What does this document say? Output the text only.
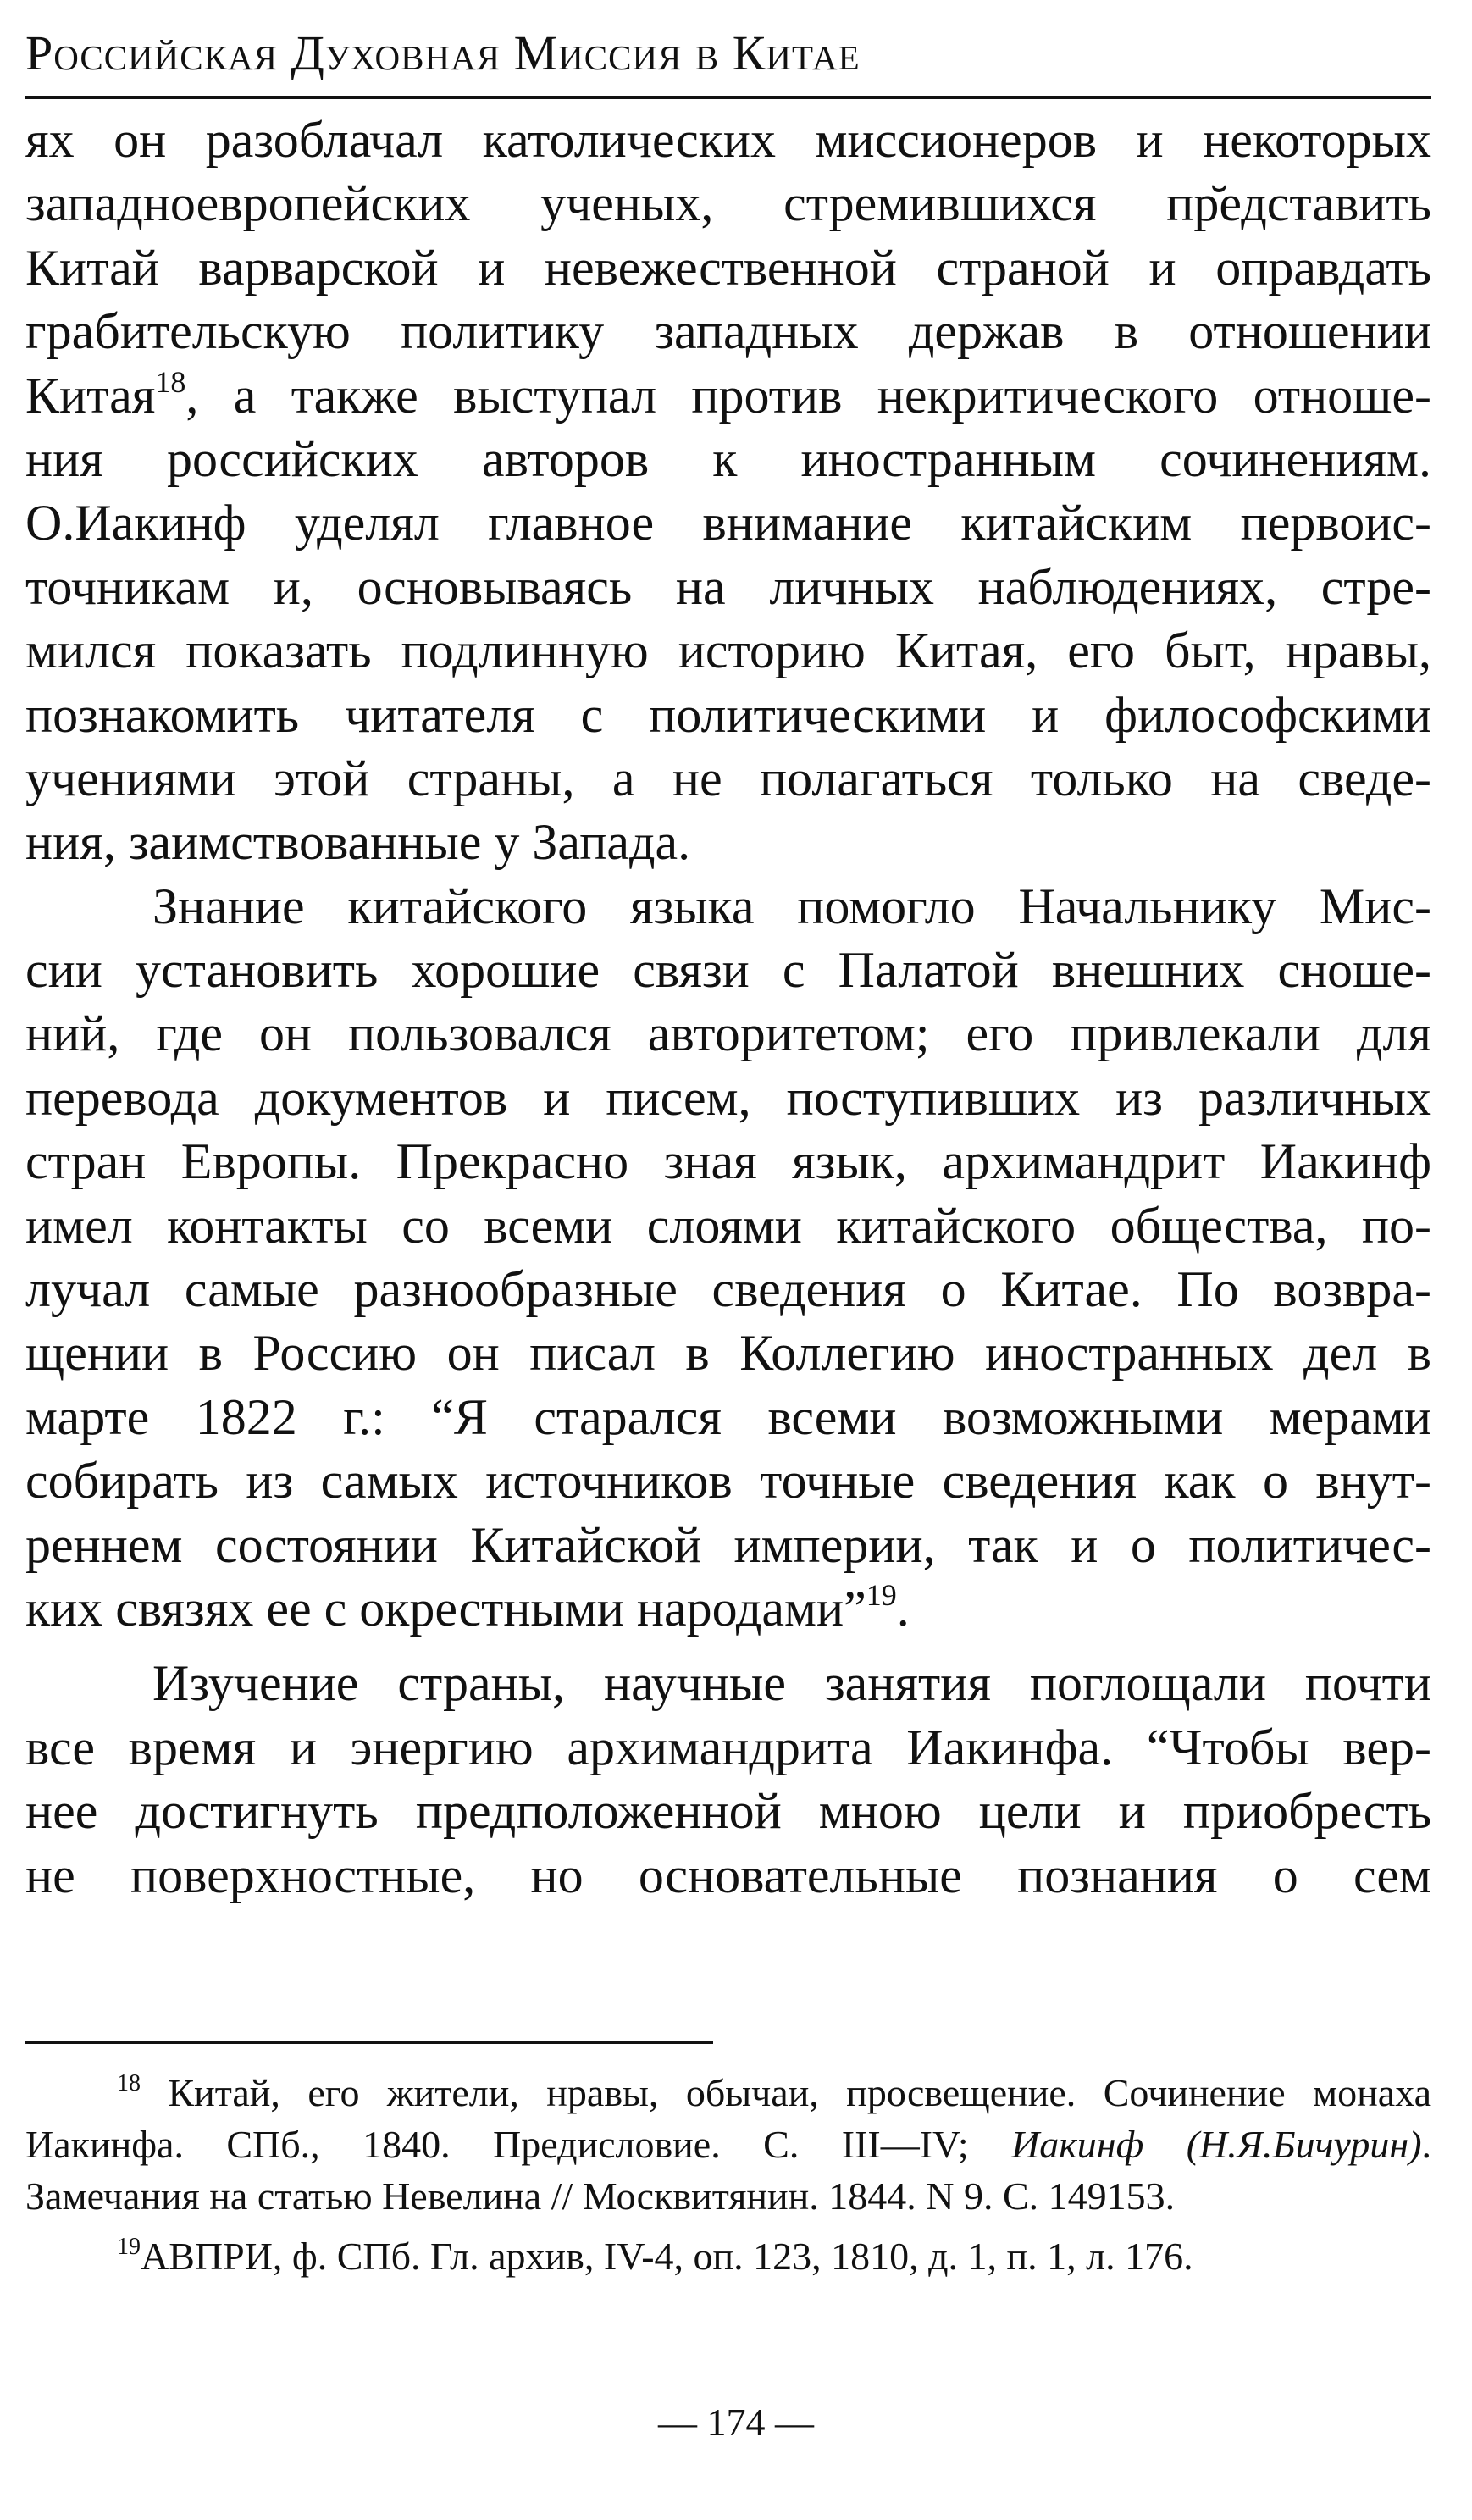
Российская Духовная Миссия в Китае
ях он разоблачал католических миссионеров и некоторых
западноевропейских ученых, стремившихся пр̆едставить
Китай варварской и невежественной страной и оправдать
грабительскую политику западных держав в отношении
Китая$^{18}$, а также выступал против некритического отноше-
ния российских авторов к иностранным сочинениям.
О.Иакинф уделял главное внимание китайским первоис-
точникам и, основываясь на личных наблюдениях, стре-
мился показать подлинную историю Китая, его быт, нравы,
познакомить читателя с политическими и философскими
учениями этой страны, а не полагаться только на сведе-
ния, заимствованные у Запада.
Знание китайского языка помогло Начальнику Мис-
сии установить хорошие связи с Палатой внешних сноше-
ний, где он пользовался авторитетом; его привлекали для
перевода документов и писем, поступивших из различных
стран Европы. Прекрасно зная язык, архимандрит Иакинф
имел контакты со всеми слоями китайского общества, по-
лучал самые разнообразные сведения о Китае. По возвра-
щении в Россию он писал в Коллегию иностранных дел в
марте 1822 г.: “Я старался всеми возможными мерами
собирать из самых источников точные сведения как о внут-
реннем состоянии Китайской империи, так и о политичес-
ких связях ее с окрестными народами”$^{19}$.
Изучение страны, научные занятия поглощали почти
все время и энергию архимандрита Иакинфа. “Чтобы вер-
нее достигнуть предположенной мною цели и приобресть
не поверхностные, но основательные познания о сем
$^{18}$ Китай, его жители, нравы, обычаи, просвещение. Сочинение монаха
Иакинфа. СПб., 1840. Предисловие. С. III—IV; Иакинф (Н.Я.Бичурин).
Замечания на статью Невелина // Москвитянин. 1844. N 9. С. 149153.
$^{19}$АВПРИ, ф. СПб. Гл. архив, IV-4, оп. 123, 1810, д. 1, п. 1, л. 176.
— 174 —
